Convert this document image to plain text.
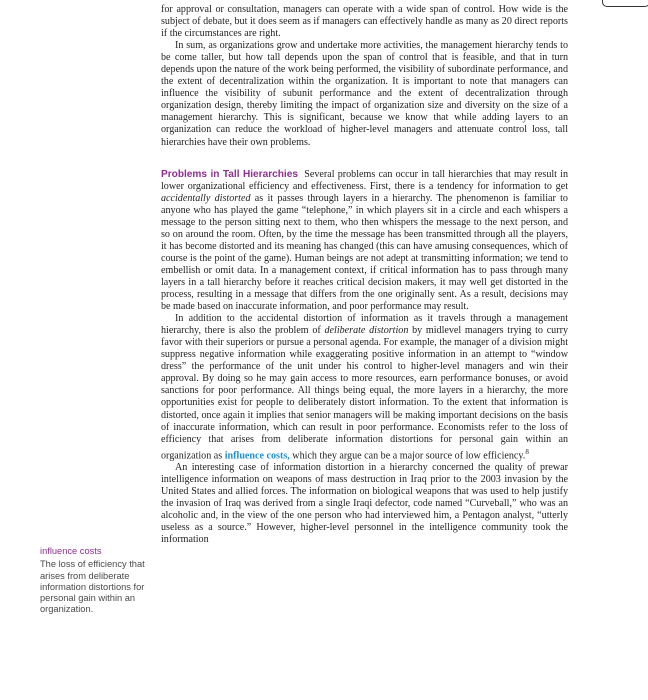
for approval or consultation, managers can operate with a wide span of control. How wide is the subject of debate, but it does seem as if managers can effectively handle as many as 20 direct reports if the circumstances are right.

In sum, as organizations grow and undertake more activities, the management hierarchy tends to be come taller, but how tall depends upon the span of control that is feasible, and that in turn depends upon the nature of the work being performed, the visibility of subordinate performance, and the extent of decentralization within the organization. It is important to note that managers can influence the visibility of subunit performance and the extent of decentralization through organization design, thereby limiting the impact of organization size and diversity on the size of a management hierarchy. This is significant, because we know that while adding layers to an organization can reduce the workload of higher-level managers and attenuate control loss, tall hierarchies have their own problems.

Problems in Tall Hierarchies Several problems can occur in tall hierarchies that may result in lower organizational efficiency and effectiveness. First, there is a tendency for information to get accidentally distorted as it passes through layers in a hierarchy. The phenomenon is familiar to anyone who has played the game “telephone,” in which players sit in a circle and each whispers a message to the person sitting next to them, who then whispers the message to the next person, and so on around the room. Often, by the time the message has been transmitted through all the players, it has become distorted and its meaning has changed (this can have amusing consequences, which of course is the point of the game). Human beings are not adept at transmitting information; we tend to embellish or omit data. In a management context, if critical information has to pass through many layers in a tall hierarchy before it reaches critical decision makers, it may well get distorted in the process, resulting in a message that differs from the one originally sent. As a result, decisions may be made based on inaccurate information, and poor performance may result.

In addition to the accidental distortion of information as it travels through a management hierarchy, there is also the problem of deliberate distortion by midlevel managers trying to curry favor with their superiors or pursue a personal agenda. For example, the manager of a division might suppress negative information while exaggerating positive information in an attempt to “window dress” the performance of the unit under his control to higher-level managers and win their approval. By doing so he may gain access to more resources, earn performance bonuses, or avoid sanctions for poor performance. All things being equal, the more layers in a hierarchy, the more opportunities exist for people to deliberately distort information. To the extent that information is distorted, once again it implies that senior managers will be making important decisions on the basis of inaccurate information, which can result in poor performance. Economists refer to the loss of efficiency that arises from deliberate information distortions for personal gain within an organization as influence costs, which they argue can be a major source of low efficiency.$^8$

An interesting case of information distortion in a hierarchy concerned the quality of prewar intelligence information on weapons of mass destruction in Iraq prior to the 2003 invasion by the United States and allied forces. The information on biological weapons that was used to help justify the invasion of Iraq was derived from a single Iraqi defector, code named “Curveball,” who was an alcoholic and, in the view of the one person who had interviewed him, a Pentagon analyst, “utterly useless as a source.” However, higher-level personnel in the intelligence community took the information

influence costs
The loss of efficiency that arises from deliberate information distortions for personal gain within an organization.
